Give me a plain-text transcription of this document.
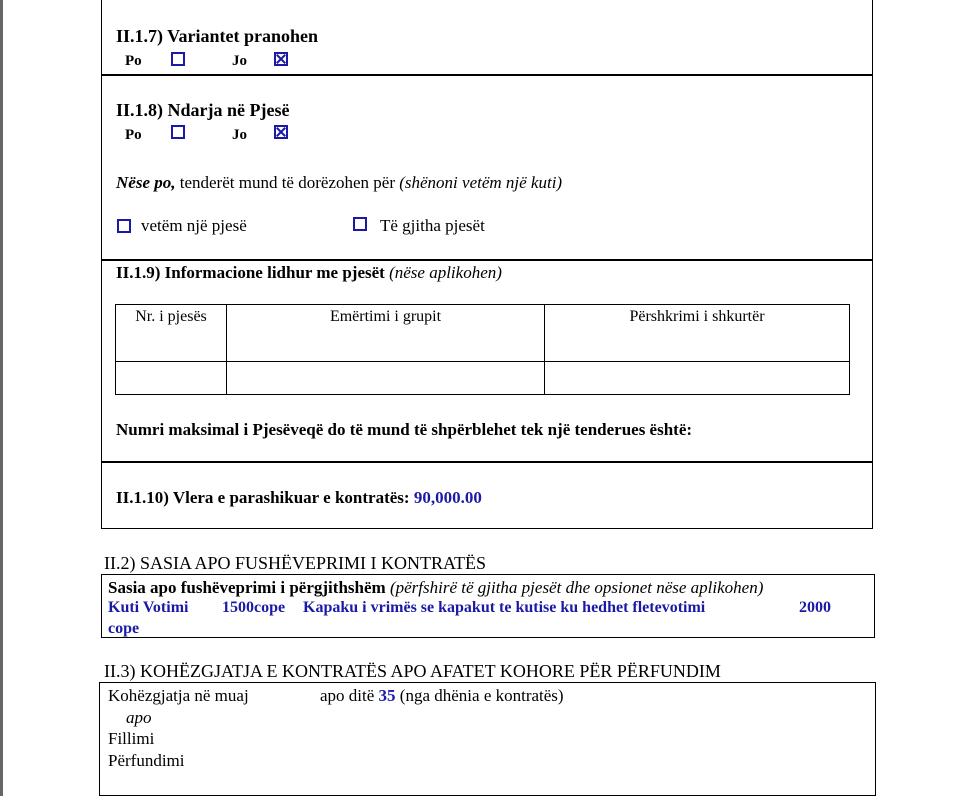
II.1.7) Variantet pranohen
Po	Jo
II.1.8) Ndarja në Pjesë
Po	Jo
Nëse po, tenderët mund të dorëzohen për (shënoni vetëm një kuti)
vetëm një pjesë	Të gjitha pjesët
II.1.9) Informacione lidhur me pjesët (nëse aplikohen)
Nr. i pjesës	Emërtimi i grupit	Përshkrimi i shkurtër

Numri maksimal i Pjesëveqë do të mund të shpërblehet tek një tenderues është:
II.1.10) Vlera e parashikuar e kontratës: 90,000.00
II.2) SASIA APO FUSHËVEPRIMI I KONTRATËS
Sasia apo fushëveprimi i përgjithshëm (përfshirë të gjitha pjesët dhe opsionet nëse aplikohen)
Kuti Votimi 1500cope Kapaku i vrimës se kapakut te kutise ku hedhet fletevotimi	2000
cope
II.3) KOHËZGJATJA E KONTRATËS APO AFATET KOHORE PËR PËRFUNDIM
Kohëzgjatja në muaj	apo ditë 35 (nga dhënia e kontratës)
apo
Fillimi
Përfundimi
